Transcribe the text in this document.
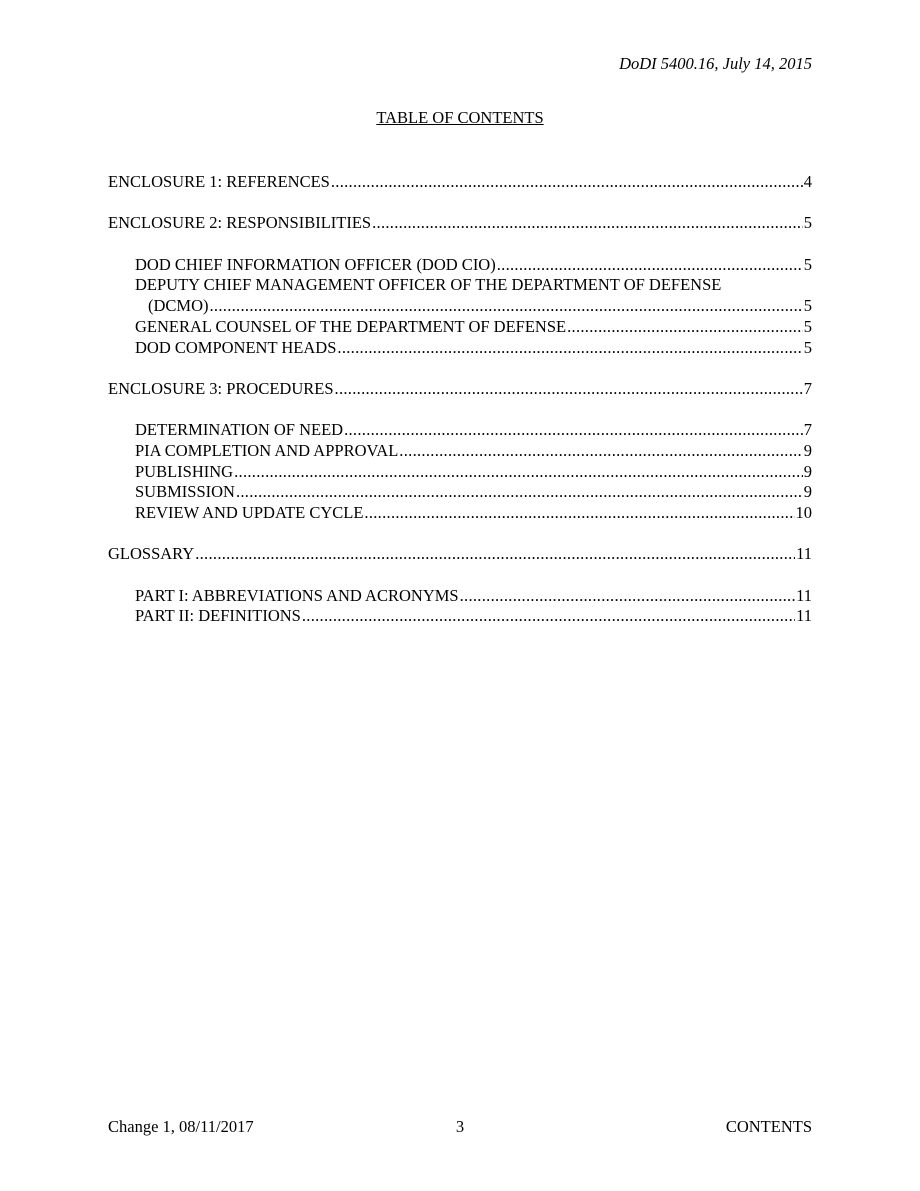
DoDI 5400.16, July 14, 2015
TABLE OF CONTENTS
ENCLOSURE 1: REFERENCES .....	4
ENCLOSURE 2: RESPONSIBILITIES .....	5
DOD CHIEF INFORMATION OFFICER (DOD CIO) .....	5
DEPUTY CHIEF MANAGEMENT OFFICER OF THE DEPARTMENT OF DEFENSE
(DCMO) .....	5
GENERAL COUNSEL OF THE DEPARTMENT OF DEFENSE .....	5
DOD COMPONENT HEADS .....	5
ENCLOSURE 3: PROCEDURES .....	7
DETERMINATION OF NEED .....	7
PIA COMPLETION AND APPROVAL .....	9
PUBLISHING .....	9
SUBMISSION .....	9
REVIEW AND UPDATE CYCLE .....	10
GLOSSARY .....	11
PART I: ABBREVIATIONS AND ACRONYMS .....	11
PART II: DEFINITIONS .....	11
Change 1, 08/11/2017	3	CONTENTS
